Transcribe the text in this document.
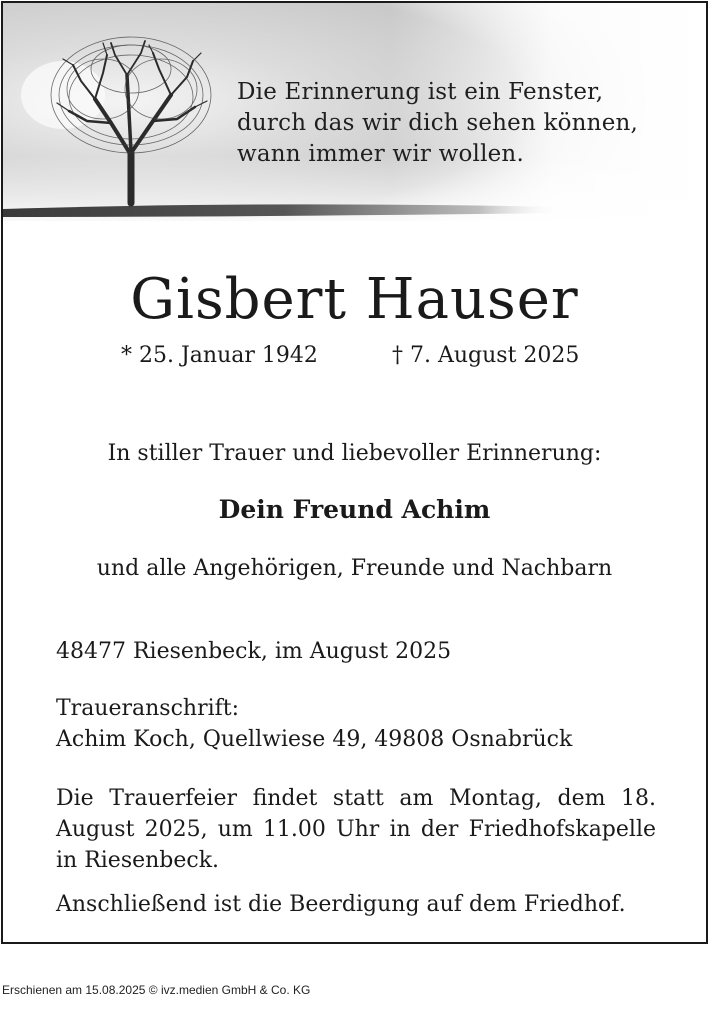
Die Erinnerung ist ein Fenster,
durch das wir dich sehen können,
wann immer wir wollen.
Gisbert Hauser
* 25. Januar 1942	† 7. August 2025
In stiller Trauer und liebevoller Erinnerung:
Dein Freund Achim
und alle Angehörigen, Freunde und Nachbarn
48477 Riesenbeck, im August 2025
Traueranschrift:
Achim Koch, Quellwiese 49, 49808 Osnabrück
Die Trauerfeier findet statt am Montag, dem 18. August 2025, um 11.00 Uhr in der Friedhofskapelle in Riesenbeck.
Anschließend ist die Beerdigung auf dem Friedhof.
Erschienen am 15.08.2025 © ivz.medien GmbH & Co. KG
